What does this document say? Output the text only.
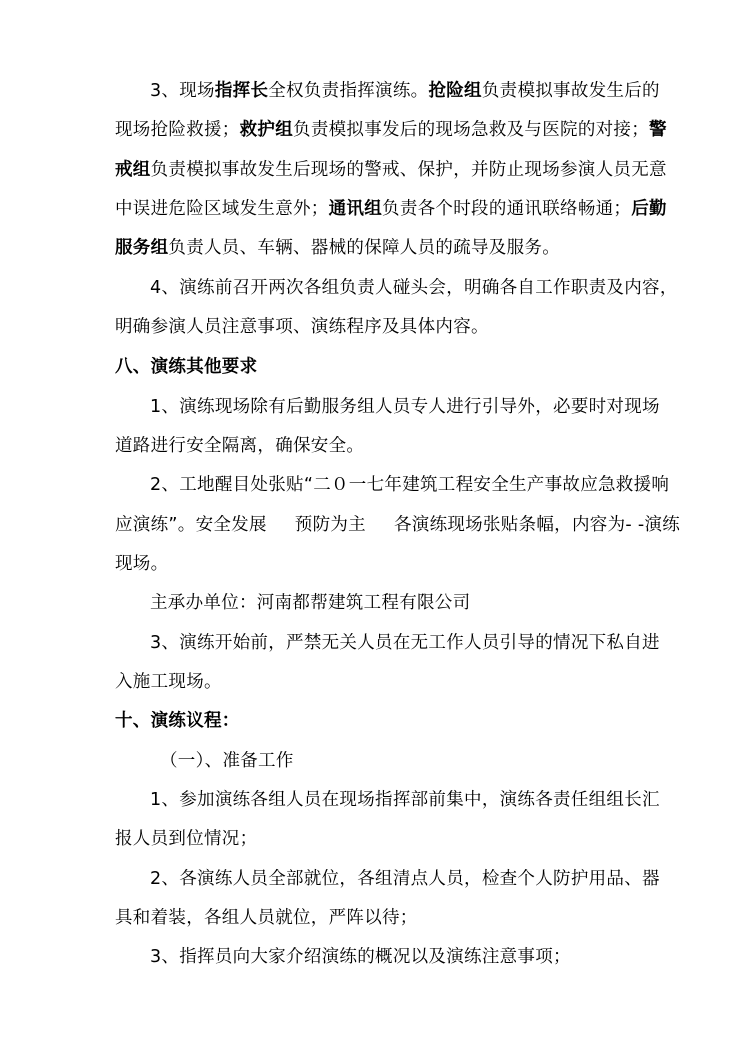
3、现场指挥长全权负责指挥演练。抢险组负责模拟事故发生后的
现场抢险救援；救护组负责模拟事发后的现场急救及与医院的对接；警
戒组负责模拟事故发生后现场的警戒、保护，并防止现场参演人员无意
中误进危险区域发生意外；通讯组负责各个时段的通讯联络畅通；后勤
服务组负责人员、车辆、器械的保障人员的疏导及服务。
4、演练前召开两次各组负责人碰头会，明确各自工作职责及内容，
明确参演人员注意事项、演练程序及具体内容。
八、演练其他要求
1、演练现场除有后勤服务组人员专人进行引导外，必要时对现场
道路进行安全隔离，确保安全。
2、工地醒目处张贴“二０一七年建筑工程安全生产事故应急救援响
应演练”。安全发展 预防为主 各演练现场张贴条幅，内容为- -演练
现场。
主承办单位：河南都帮建筑工程有限公司
3、演练开始前，严禁无关人员在无工作人员引导的情况下私自进
入施工现场。
十、演练议程：
（一）、准备工作
1、参加演练各组人员在现场指挥部前集中，演练各责任组组长汇
报人员到位情况；
2、各演练人员全部就位，各组清点人员，检查个人防护用品、器
具和着装，各组人员就位，严阵以待；
3、指挥员向大家介绍演练的概况以及演练注意事项；
